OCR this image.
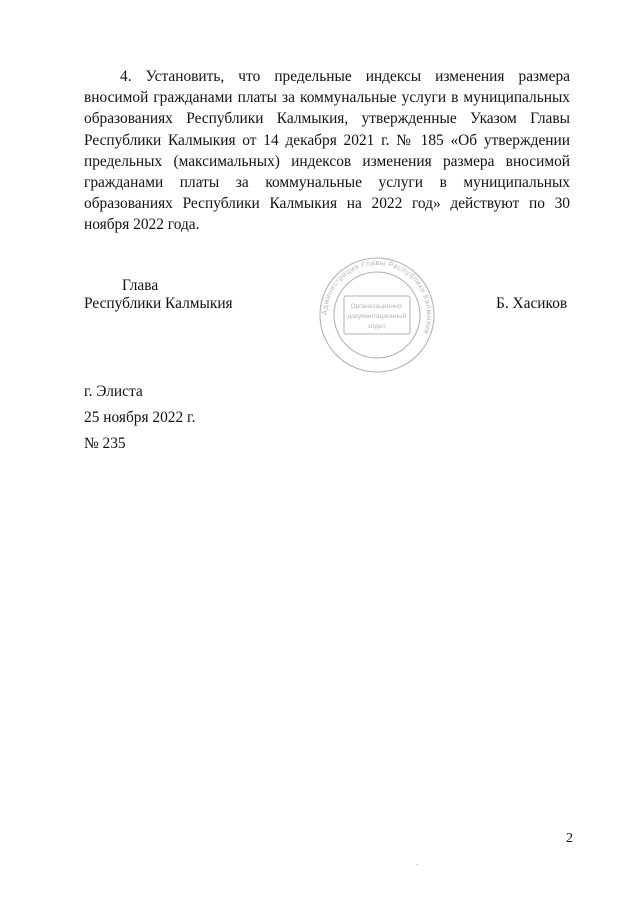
4. Установить, что предельные индексы изменения размера вносимой гражданами платы за коммунальные услуги в муниципальных образованиях Республики Калмыкия, утвержденные Указом Главы Республики Калмыкия от 14 декабря 2021 г. № 185 «Об утверждении предельных (максимальных) индексов изменения размера вносимой гражданами платы за коммунальные услуги в муниципальных образованиях Республики Калмыкия на 2022 год» действуют по 30 ноября 2022 года.

Глава
Республики Калмыкия	Б. Хасиков
Администрация Главы Республики Калмыкия
Организационно-
документационный
отдел
г. Элиста
25 ноября 2022 г.
№ 235
2
